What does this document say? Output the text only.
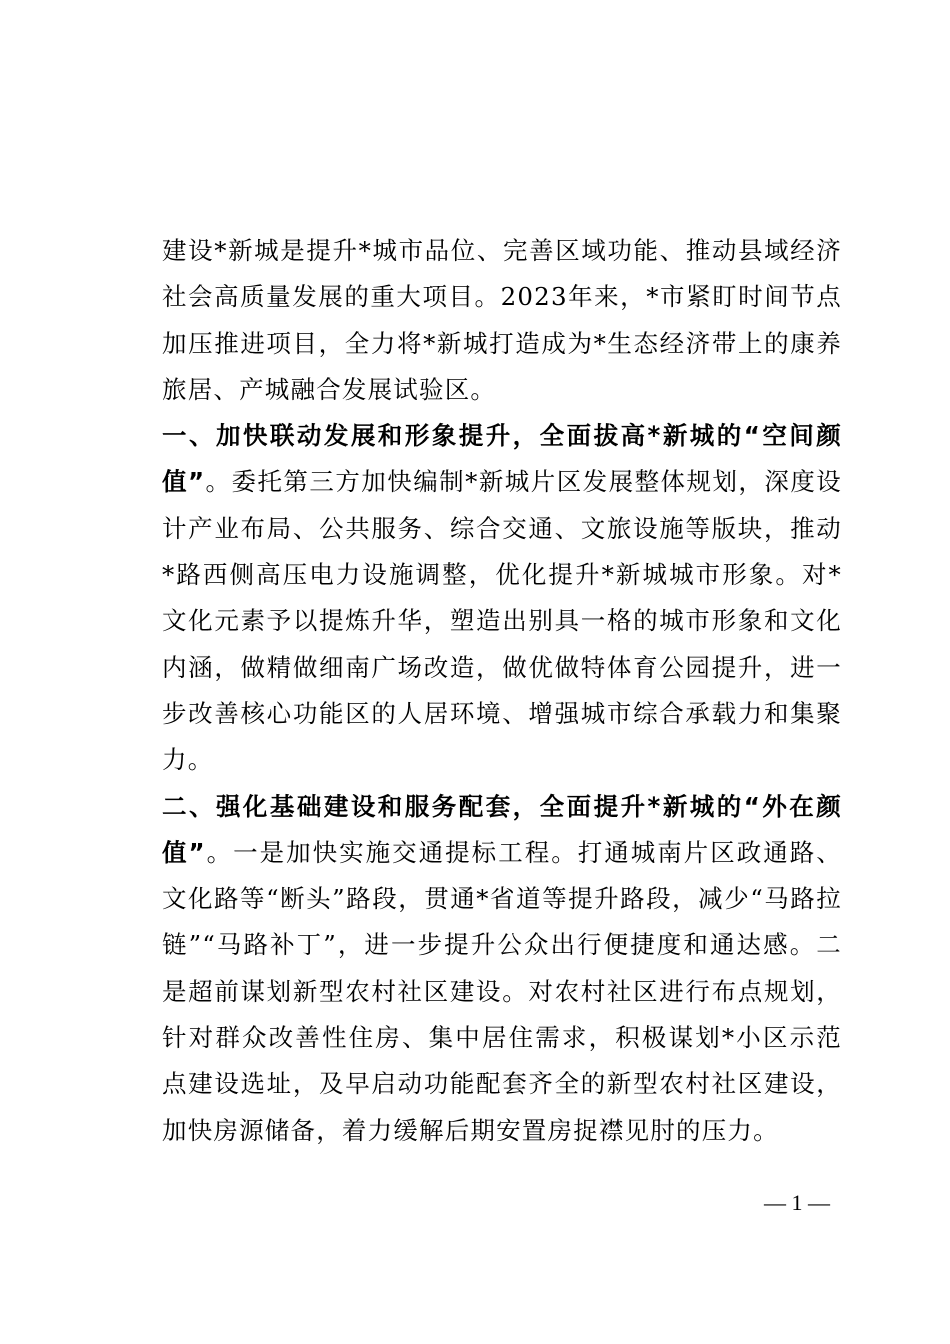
建设*新城是提升*城市品位、完善区域功能、推动县域经济社会高质量发展的重大项目。2023年来，*市紧盯时间节点加压推进项目，全力将*新城打造成为*生态经济带上的康养旅居、产城融合发展试验区。

一、加快联动发展和形象提升，全面拔高*新城的“空间颜值”。委托第三方加快编制*新城片区发展整体规划，深度设计产业布局、公共服务、综合交通、文旅设施等版块，推动*路西侧高压电力设施调整，优化提升*新城城市形象。对*文化元素予以提炼升华，塑造出别具一格的城市形象和文化内涵，做精做细南广场改造，做优做特体育公园提升，进一步改善核心功能区的人居环境、增强城市综合承载力和集聚力。

二、强化基础建设和服务配套，全面提升*新城的“外在颜值”。一是加快实施交通提标工程。打通城南片区政通路、文化路等“断头”路段，贯通*省道等提升路段，减少“马路拉链”“马路补丁”，进一步提升公众出行便捷度和通达感。二是超前谋划新型农村社区建设。对农村社区进行布点规划，针对群众改善性住房、集中居住需求，积极谋划*小区示范点建设选址，及早启动功能配套齐全的新型农村社区建设，加快房源储备，着力缓解后期安置房捉襟见肘的压力。

— 1 —
